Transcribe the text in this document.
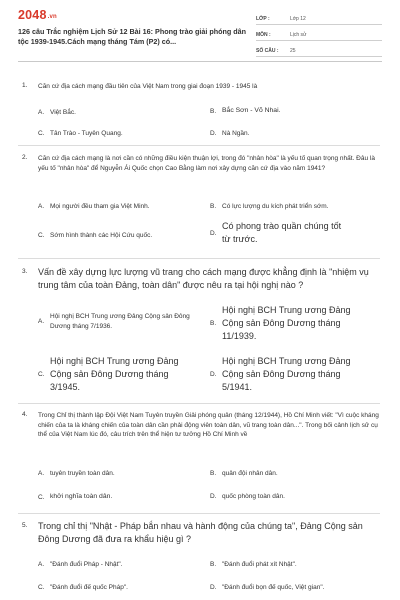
2048.vn
126 câu Trắc nghiệm Lịch Sử 12 Bài 16: Phong trào giải phóng dân tộc 1939-1945.Cách mạng tháng Tám (P2) có...
LỚP :	Lớp 12
MÔN :	Lịch sử
SỐ CÂU :	25
1. Căn cứ địa cách mạng đầu tiên của Việt Nam trong giai đoạn 1939 - 1945 là
A. Việt Bắc.	B. Bắc Sơn - Võ Nhai.
C. Tân Trào - Tuyên Quang.	D. Nà Ngần.
2. Căn cứ địa cách mạng là nơi cần có những điều kiện thuận lợi, trong đó "nhân hòa" là yếu tố quan trọng nhất. Đâu là yếu tố "nhân hòa" để Nguyễn Ái Quốc chọn Cao Bằng làm nơi xây dựng căn cứ địa vào năm 1941?
A. Mọi người đều tham gia Việt Minh.	B. Có lực lượng du kích phát triển sớm.
C. Sớm hình thành các Hội Cứu quốc.	D.
Có phong trào quần chúng tốt từ trước.
3. Vấn đề xây dựng lực lượng vũ trang cho cách mạng được khẳng định là "nhiệm vụ trung tâm của toàn Đảng, toàn dân" được nêu ra tại hội nghị nào ?
A.
Hội nghị BCH Trung ương Đảng Cộng sản Đông Dương tháng 7/1936.	B.
Hội nghị BCH Trung ương Đảng Cộng sản Đông Dương tháng 11/1939.
C.
Hội nghị BCH Trung ương Đảng Cộng sản Đông Dương tháng 3/1945.
D.
Hội nghị BCH Trung ương Đảng Cộng sản Đông Dương tháng 5/1941.
4. Trong Chỉ thị thành lập Đội Việt Nam Tuyên truyền Giải phóng quân (tháng 12/1944), Hồ Chí Minh viết: "Vì cuộc kháng chiến của ta là kháng chiến của toàn dân cần phải động viên toàn dân, vũ trang toàn dân...". Trong bối cảnh lịch sử cụ thể của Việt Nam lúc đó, câu trích trên thể hiện tư tưởng Hồ Chí Minh về
A. tuyên truyền toàn dân.	B. quân đội nhân dân.
C. khởi nghĩa toàn dân.	D. quốc phòng toàn dân.
5. Trong chỉ thị "Nhật - Pháp bắn nhau và hành động của chúng ta", Đảng Cộng sản Đông Dương đã đưa ra khẩu hiệu gì ?
A. "Đánh đuổi Pháp - Nhật".	B. "Đánh đuổi phát xít Nhật".
C. "Đánh đuổi đế quốc Pháp".	D. "Đánh đuổi bọn đế quốc, Việt gian".
